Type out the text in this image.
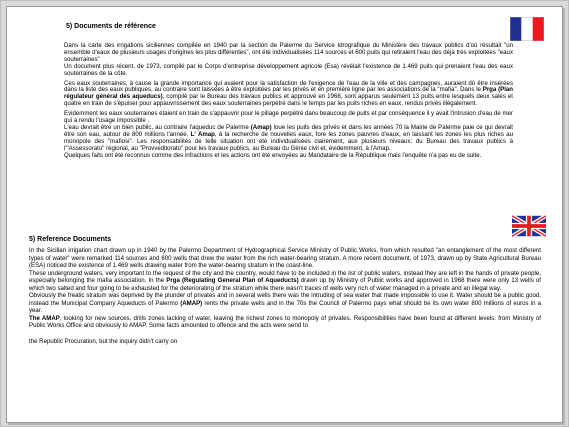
5) Documents de référence

Dans la carte des irrigations siciliennes compilée en 1940 par la section de Palerme du Service Idrografique du Ministère des travaux publics d'où résultait "un ensemble d'eaux de plusieurs usages d'origines les plus différentes", ont été individualisées 114 sources et 600 puits qui retiraient l'eau des déjà très exploitées "eaux souterraines"

Un document plus récent, de 1973, compilé par le Corps d'entreprise développement agricole (Esa) révélait l'existence de 1.469 puits qui prenaient l'eau des eaux souterraines de la côte.

Ces eaux souterraines, à cause la grande importance qui avaient pour la satisfaction de l'exigence de l'eau de la ville et des campagnes, auraient dû être insérées dans la liste des eaux publiques, au contraire sont laissées à être exploitées par les privés et en première ligne par les associations de la "mafia". Dans le Prga (Plan régulateur général des aqueducs), compilé par le Bureau des travaux publics et approuvé en 1968, sont apparus seulement 13 puits entre lesquels deux salés et quatre en train de s'épuiser pour appauvrissement des eaux souterraines perpétré dans le temps par les puits riches en eaux, rendus privés illégalement.

Evidemment les eaux souterraines étaient en train de s'appauvrir pour le pillage perpétré dans beaucoup de puits et par conséquence il y avait l'intrusion d'eau de mer qui a rendu l'usage impossible .

L'eau devrait être un bien public, au contraire l'aqueduc de Palerme (Amap) loue les puits des privés et dans les années 70 la Mairie de Palerme paie ce qui devrait être son eau, autour de 800 millions l'année. L' Amap, à la recherche de nouvelles eaux, fore les zones pauvres d'eaux, en laissant les zones les plus riches au monopole des "mafiosi". Les responsabilités de telle situation ont été individualisées clairement, aux plusieurs niveaux: du Bureau des travaux publics à l'"Assessorato" régional, au "Provveditorato" pour les travaux publics, au Bureau du Génie civil et, évidemment, à l'Amap.

Quelques faits ont été reconnus comme des infractions et les actions ont été envoyées au Mandataire de la République mais l'enquête n'a pas eu de suite.

5) Reference Documents

In the Sicilian irrigation chart drawn up in 1940 by the Palermo Department of Hydrographical Service Ministry of Public Works, from which resulted "an entanglement of the most different types of water" were remarked 114 sources and 600 wells that drew the water from the rich water-bearing stratum. A more recent document, of 1973, drawn up by State Agricultural Bureau (ESA) noticed the existence of 1.469 wells drawing water from the water-bearing stratum in the coast-line.

These underground waters, very important to the request of the city and the country, would have to be included in the list of public waters, instead they are left in the hands of private people, especially belonging the mafia association. In the Prga (Regulating General Plan of Aqueducts) drawn up by Ministry of Public works and approved in 1968 there were only 13 wells of which two salted and four going to be exhausted for the deteriorating of the stratum while there wasn't traces of wells very rich of water managed in a private and an illegal way.

Obviously the freatic stratum was deprived by the plunder of privates and in several wells there was the intruding of sea water that made impossible to use it. Water should be a public good, instead the Municipal Company Aqueducts of Palermo (AMAP) rents the private wells and in the 70s the Council of Palermo pays what should be its own water 800 millions of euros in a year.

The AMAP, looking for new sources, drills zones lacking of water, leaving the richest zones to monopoly of privates. Responsibilities have been found at different levels: from Ministry of Public Works Office and obviously to AMAP. Some facts amounted to offence and the acts were send to

the Republic Procuration, but the inquiry didn't carry on
